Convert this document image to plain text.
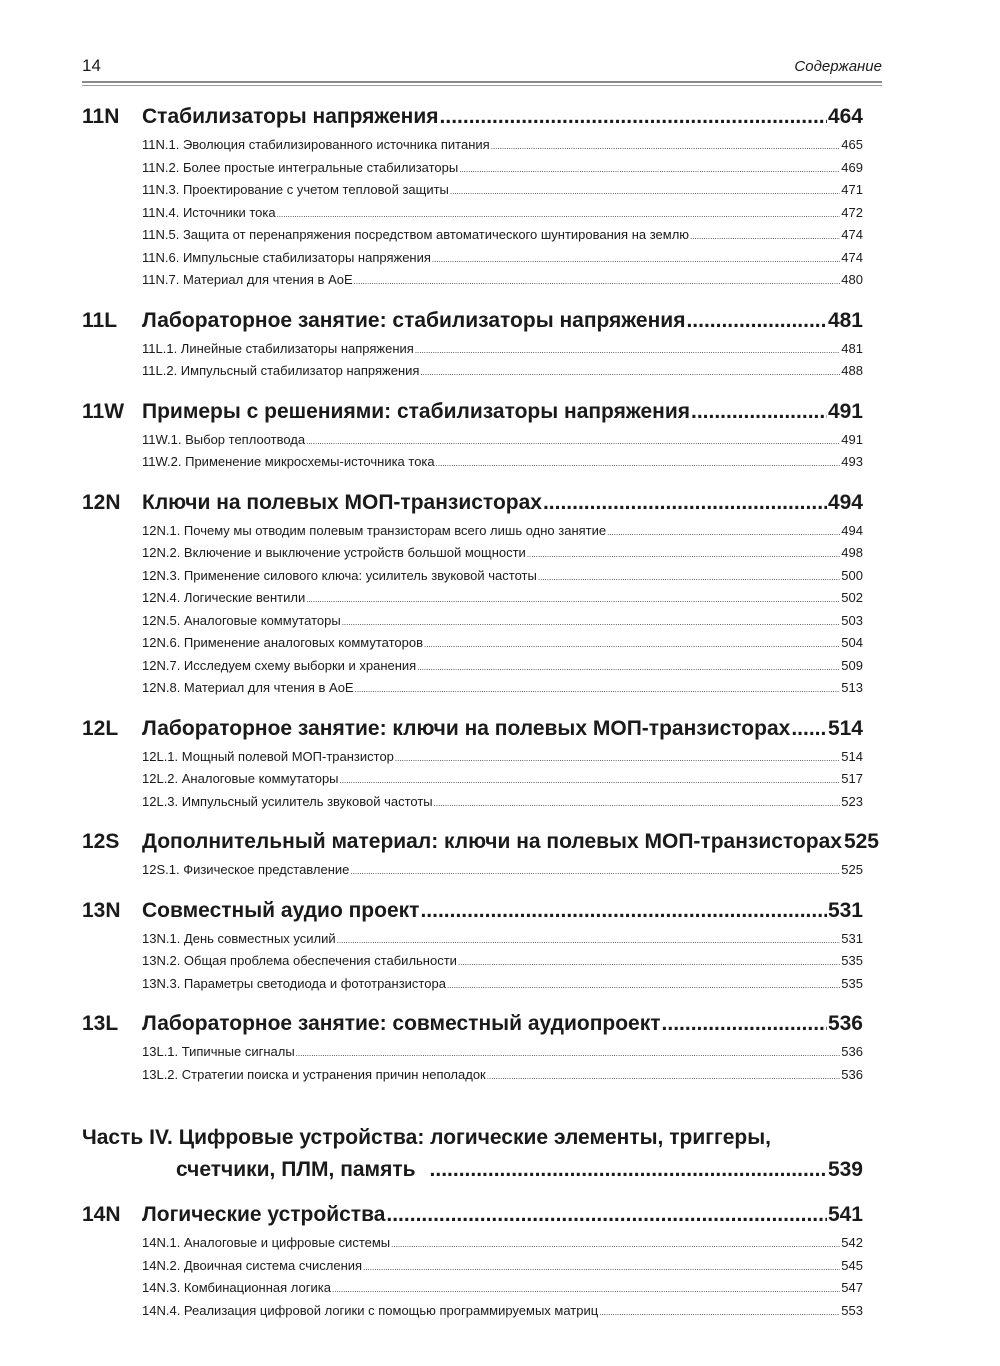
14	Содержание
11N	Стабилизаторы напряжения .....	464
11N.1. Эволюция стабилизированного источника питания .....	465
11N.2. Более простые интегральные стабилизаторы .....	469
11N.3. Проектирование с учетом тепловой защиты .....	471
11N.4. Источники тока .....	472
11N.5. Защита от перенапряжения посредством автоматического шунтирования на землю .....	474
11N.6. Импульсные стабилизаторы напряжения .....	474
11N.7. Материал для чтения в AoE .....	480
11L	Лабораторное занятие: стабилизаторы напряжения .....	481
11L.1. Линейные стабилизаторы напряжения .....	481
11L.2. Импульсный стабилизатор напряжения .....	488
11W Примеры с решениями: стабилизаторы напряжения .....	491
11W.1. Выбор теплоотвода .....	491
11W.2. Применение микросхемы-источника тока .....	493
12N	Ключи на полевых МОП-транзисторах .....	494
12N.1. Почему мы отводим полевым транзисторам всего лишь одно занятие .....	494
12N.2. Включение и выключение устройств большой мощности .....	498
12N.3. Применение силового ключа: усилитель звуковой частоты .....	500
12N.4. Логические вентили .....	502
12N.5. Аналоговые коммутаторы .....	503
12N.6. Применение аналоговых коммутаторов .....	504
12N.7. Исследуем схему выборки и хранения .....	509
12N.8. Материал для чтения в AoE .....	513
12L	Лабораторное занятие: ключи на полевых МОП-транзисторах ..... 514
12L.1. Мощный полевой МОП-транзистор .....	514
12L.2. Аналоговые коммутаторы .....	517
12L.3. Импульсный усилитель звуковой частоты .....	523
12S	Дополнительный материал: ключи на полевых МОП-транзисторах 525
12S.1. Физическое представление .....	525
13N	Совместный аудио проект .....	531
13N.1. День совместных усилий .....	531
13N.2. Общая проблема обеспечения стабильности .....	535
13N.3. Параметры светодиода и фототранзистора .....	535
13L	Лабораторное занятие: совместный аудиопроект .....	536
13L.1. Типичные сигналы .....	536
13L.2. Стратегии поиска и устранения причин неполадок .....	536
Часть IV. Цифровые устройства: логические элементы, триггеры,
счетчики, ПЛМ, память .....	539
14N	Логические устройства .....	541
14N.1. Аналоговые и цифровые системы .....	542
14N.2. Двоичная система счисления .....	545
14N.3. Комбинационная логика .....	547
14N.4. Реализация цифровой логики с помощью программируемых матриц .....	553
